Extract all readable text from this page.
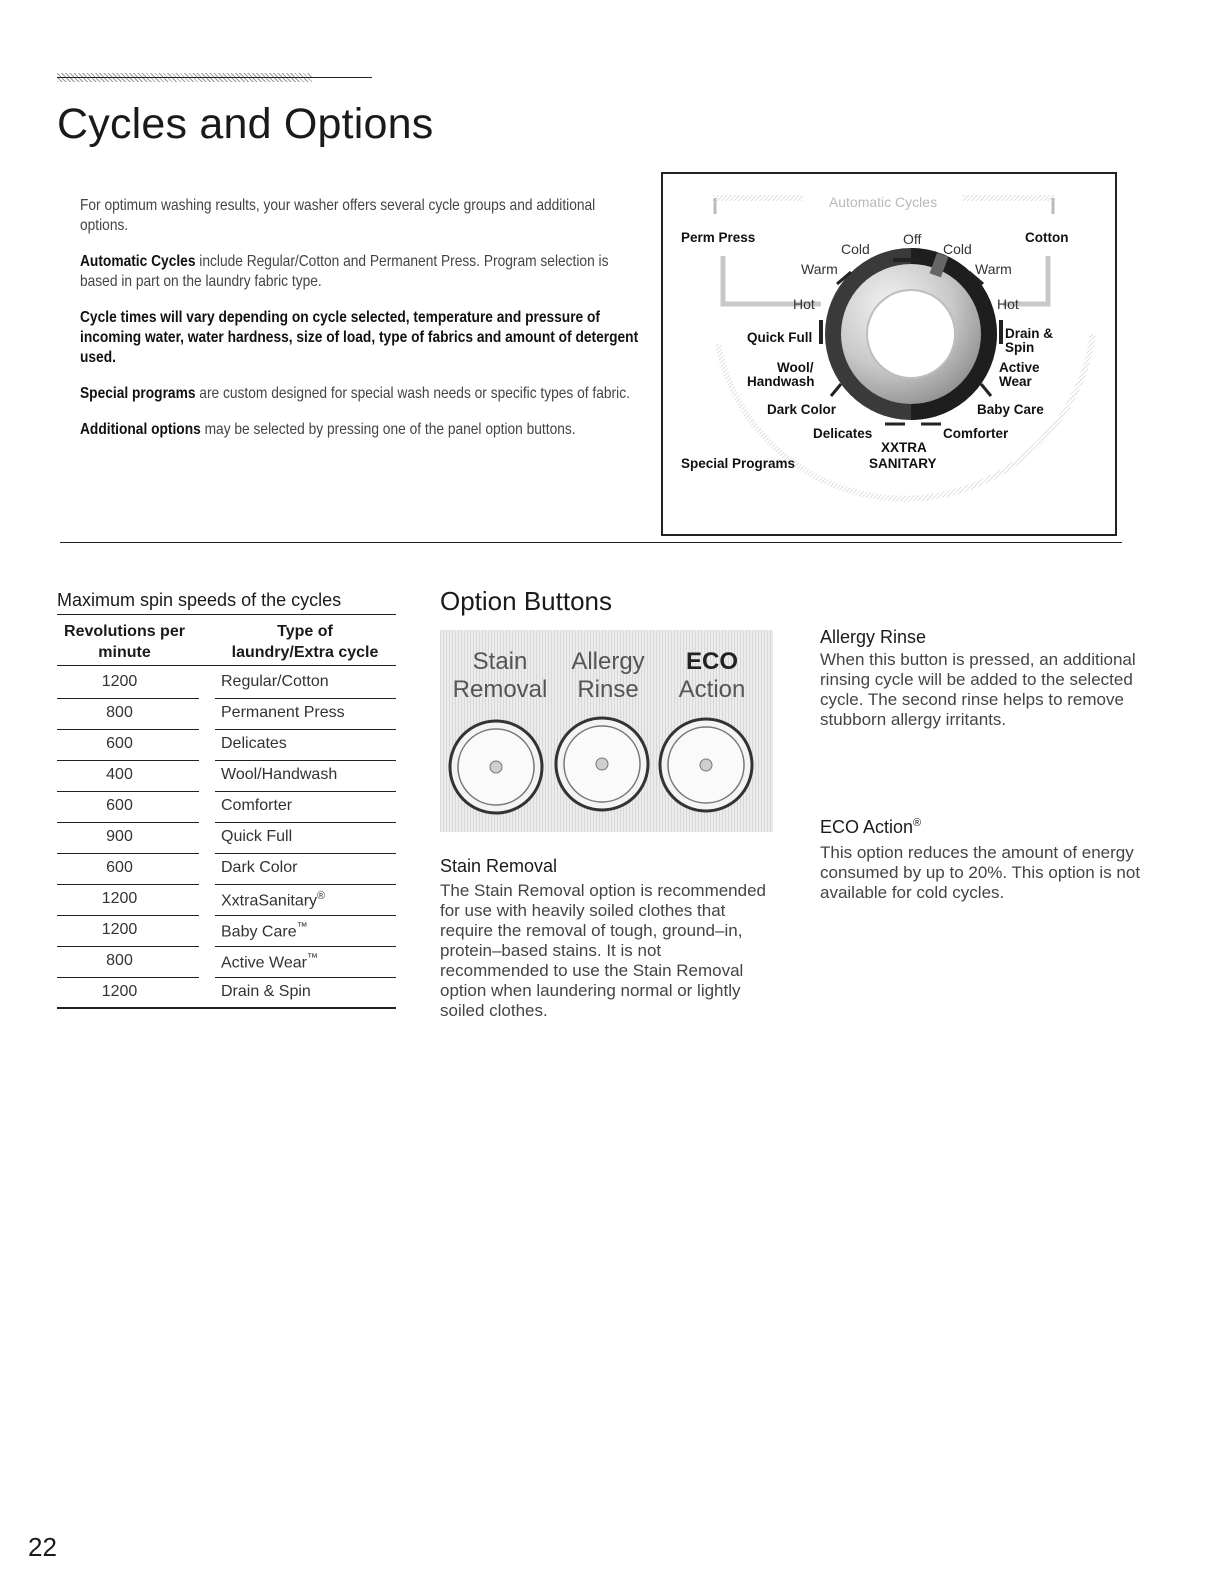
Cycles and Options

For optimum washing results, your washer offers several cycle groups and additional options.

Automatic Cycles include Regular/Cotton and Permanent Press. Program selection is based in part on the laundry fabric type.

Cycle times will vary depending on cycle selected, temperature and pressure of incoming water, water hardness, size of load, type of fabrics and amount of detergent used.

Special programs are custom designed for special wash needs or specific types of fabric.

Additional options may be selected by pressing one of the panel option buttons.

Automatic Cycles
Perm Press	Cotton
Off
Cold	Cold
Warm	Warm
Hot	Hot
Quick Full	Drain &
Spin
Wool/
Handwash
Active
Wear
Dark Color	Baby Care
Delicates	Comforter
XXTRA
SANITARY
Special Programs
Maximum spin speeds of the cycles
Revolutions per
minute
Type of
laundry/Extra cycle
1200	Regular/Cotton
800	Permanent Press
600	Delicates
400	Wool/Handwash
600	Comforter
900	Quick Full
600	Dark Color
1200	XxtraSanitary®
1200	Baby Care™
800	Active Wear™
1200	Drain & Spin
Option Buttons
Stain
Removal
Allergy
Rinse
ECO
Action
Stain Removal

The Stain Removal option is recommended for use with heavily soiled clothes that require the removal of tough, ground–in, protein–based stains. It is not recommended to use the Stain Removal option when laundering normal or lightly soiled clothes.

Allergy Rinse

When this button is pressed, an additional rinsing cycle will be added to the selected cycle. The second rinse helps to remove stubborn allergy irritants.

ECO Action®

This option reduces the amount of energy consumed by up to 20%. This option is not available for cold cycles.

22
